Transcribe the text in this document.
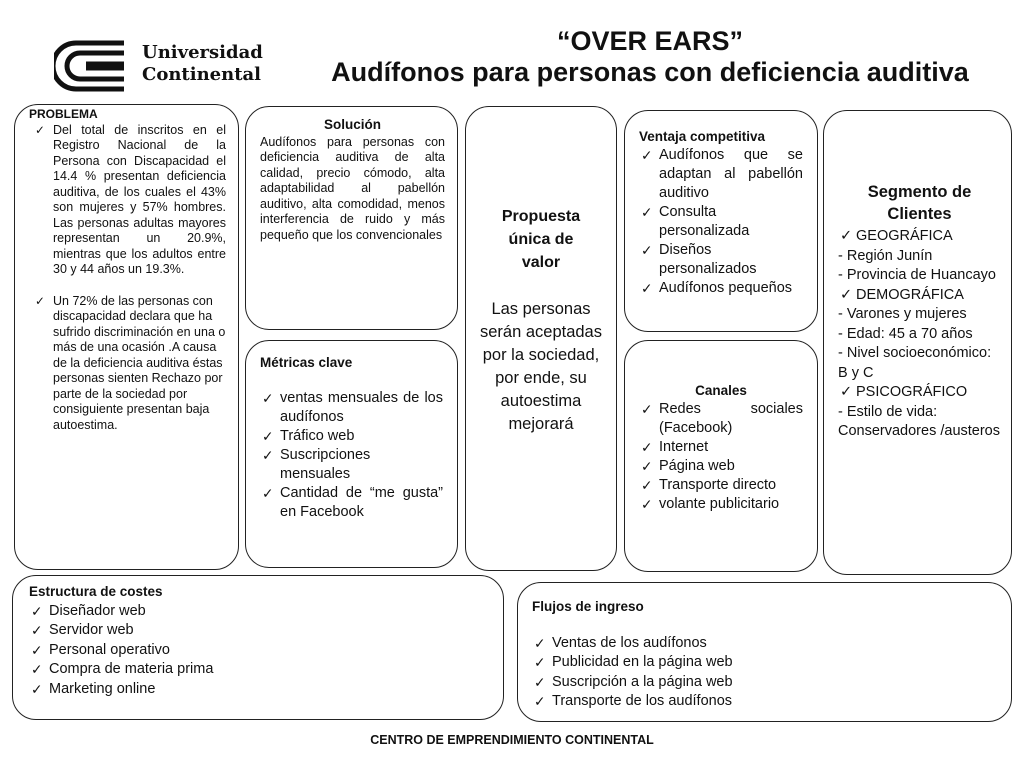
Universidad
Continental
“OVER EARS”
Audífonos para personas con deficiencia auditiva
PROBLEMA
✓ Del total de inscritos en el Registro Nacional de la Persona con Discapacidad el 14.4 % presentan deficiencia auditiva, de los cuales el 43% son mujeres y 57% hombres. Las personas adultas mayores representan un 20.9%, mientras que los adultos entre 30 y 44 años un 19.3%.
✓ Un 72% de las personas con discapacidad declara que ha sufrido discriminación en una o más de una ocasión .A causa de la deficiencia auditiva éstas personas sienten Rechazo por parte de la sociedad por consiguiente presentan baja autoestima.
Solución
Audífonos para personas con deficiencia auditiva de alta calidad, precio cómodo, alta adaptabilidad al pabellón auditivo, alta comodidad, menos interferencia de ruido y más pequeño que los convencionales
Métricas clave
✓ ventas mensuales de los audífonos
✓ Tráfico web
✓ Suscripciones mensuales
✓ Cantidad de “me gusta” en Facebook
Propuesta única de valor
Las personas serán aceptadas por la sociedad, por ende, su autoestima mejorará
Ventaja competitiva
✓ Audífonos que se adaptan al pabellón auditivo
✓ Consulta personalizada
✓ Diseños personalizados
✓ Audífonos pequeños
Canales
✓ Redes sociales (Facebook)
✓ Internet
✓ Página web
✓ Transporte directo
✓ volante publicitario
Segmento de Clientes
✓ GEOGRÁFICA
- Región Junín
- Provincia de Huancayo
✓ DEMOGRÁFICA
- Varones y mujeres
- Edad: 45 a 70 años
- Nivel socioeconómico:
B y C
✓ PSICOGRÁFICO
- Estilo de vida: Conservadores /austeros
Estructura de costes
✓ Diseñador web
✓ Servidor web
✓ Personal operativo
✓ Compra de materia prima
✓ Marketing online
Flujos de ingreso
✓ Ventas de los audífonos
✓ Publicidad en la página web
✓ Suscripción a la página web
✓ Transporte de los audífonos
CENTRO DE EMPRENDIMIENTO CONTINENTAL
